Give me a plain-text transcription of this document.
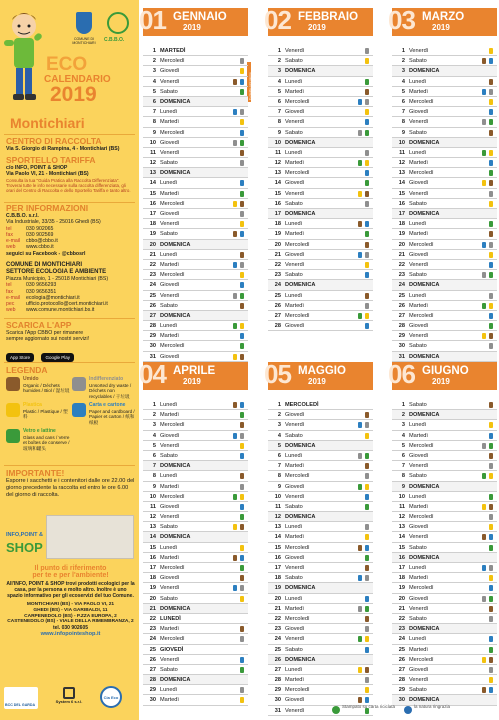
COMUNE DI MONTICHIARI	C.B.B.O.
ECO
CALENDARIO
2019
Montichiari
CENTRO DI RACCOLTA
Via S. Giorgio di Rampina, 4 - Montichiari (BS)
SPORTELLO TARIFFA
c/o INFO, POINT & SHOP
Via Paolo VI, 21 - Montichiari (BS)
Consulta la tua "Guida Pratica alla Raccolta Differenziata". Troverai tutte le info necessarie sulla raccolta differenziata, gli orari del Centro di Raccolta e dello Sportello Tariffa e tanto altro.
PER INFORMAZIONI
C.B.B.O. s.r.l.
Via Industriale, 33/35 - 25016 Ghedi (BS)
tel	030 902065
fax	030 902569
e-mail cbbo@cbbo.it
web www.cbbo.it
seguici su Facebook - @cbbosrl
COMUNE DI MONTICHIARI
SETTORE ECOLOGIA E AMBIENTE
Piazza Municipio, 1 - 25018 Montichiari (BS)
tel	030 9656293
fax	030 9656351
e-mail ecologia@montichiari.it
pec ufficio.protocollo@cert.montichiari.it
web www.comune.montichiari.bs.it
SCARICA L'APP
Scarica l'App CBBO per rimanere
sempre aggiornato sui nostri servizi!
App Store	Google Play
LEGENDA
Umido
Organic / Déchets humides / Biol / 湿垃圾
Indifferenziato
Unsorted dry waste / Déchets non recyclables / 干垃圾
Plastica
Plastic / Plastique / 塑料
Carta e cartone
Paper and cardboard / Papier et carton / 纸和纸板
Vetro e lattine
Glass and cans / Verre et boîtes de conserve / 玻璃和罐头
IMPORTANTE!
Esporre i sacchetti e i contenitori dalle ore 22.00 del giorno precedente la raccolta ed entro le ore 6.00 del giorno di raccolta.
INFO,POINT &
SHOP
Il punto di riferimento
per te e per l'ambiente!
All'INFO, POINT & SHOP trovi prodotti ecologici per la casa, per la persona e molto altro. Inoltre è uno spazio informativo per gli ecoservizi del tuo Comune.
MONTICHIARI (BS) - VIA PAOLO VI, 21
GHEDI (BS) - VIA GARIBALDI, 11
CARPENEDOLO (BS) - P.ZZA EUROPA, 2
CASTENEDOLO (BS) - VIALE DELLA RIMEMBRANZA, 2
tel. 030 902605
www.infopointeshop.it
BCC DEL GARDA
System 6 s.r.l.
Cia Eco
Consulta ogni giorno
01 GENNAIO
2019
1 MARTEDÌ
2 Mercoledì
3 Giovedì
4 Venerdì
5 Sabato
6 DOMENICA
7 Lunedì
8 Martedì
9 Mercoledì
10 Giovedì
11 Venerdì
12 Sabato
13 DOMENICA
14 Lunedì
15 Martedì
16 Mercoledì
17 Giovedì
18 Venerdì
19 Sabato
20 DOMENICA
21 Lunedì
22 Martedì
23 Mercoledì
24 Giovedì
25 Venerdì
26 Sabato
27 DOMENICA
28 Lunedì
29 Martedì
30 Mercoledì
31 Giovedì
02 FEBBRAIO
2019
1 Venerdì
2 Sabato
3 DOMENICA
4 Lunedì
5 Martedì
6 Mercoledì
7 Giovedì
8 Venerdì
9 Sabato
10 DOMENICA
11 Lunedì
12 Martedì
13 Mercoledì
14 Giovedì
15 Venerdì
16 Sabato
17 DOMENICA
18 Lunedì
19 Martedì
20 Mercoledì
21 Giovedì
22 Venerdì
23 Sabato
24 DOMENICA
25 Lunedì
26 Martedì
27 Mercoledì
28 Giovedì
03 MARZO
2019
1 Venerdì
2 Sabato
3 DOMENICA
4 Lunedì
5 Martedì
6 Mercoledì
7 Giovedì
8 Venerdì
9 Sabato
10 DOMENICA
11 Lunedì
12 Martedì
13 Mercoledì
14 Giovedì
15 Venerdì
16 Sabato
17 DOMENICA
18 Lunedì
19 Martedì
20 Mercoledì
21 Giovedì
22 Venerdì
23 Sabato
24 DOMENICA
25 Lunedì
26 Martedì
27 Mercoledì
28 Giovedì
29 Venerdì
30 Sabato
31 DOMENICA
04 APRILE
2019
1 Lunedì
2 Martedì
3 Mercoledì
4 Giovedì
5 Venerdì
6 Sabato
7 DOMENICA
8 Lunedì
9 Martedì
10 Mercoledì
11 Giovedì
12 Venerdì
13 Sabato
14 DOMENICA
15 Lunedì
16 Martedì
17 Mercoledì
18 Giovedì
19 Venerdì
20 Sabato
21 DOMENICA
22 LUNEDÌ
23 Martedì
24 Mercoledì
25 GIOVEDÌ
26 Venerdì
27 Sabato
28 DOMENICA
29 Lunedì
30 Martedì
05 MAGGIO
2019
1 MERCOLEDÌ
2 Giovedì
3 Venerdì
4 Sabato
5 DOMENICA
6 Lunedì
7 Martedì
8 Mercoledì
9 Giovedì
10 Venerdì
11 Sabato
12 DOMENICA
13 Lunedì
14 Martedì
15 Mercoledì
16 Giovedì
17 Venerdì
18 Sabato
19 DOMENICA
20 Lunedì
21 Martedì
22 Mercoledì
23 Giovedì
24 Venerdì
25 Sabato
26 DOMENICA
27 Lunedì
28 Martedì
29 Mercoledì
30 Giovedì
31 Venerdì
06 GIUGNO
2019
1 Sabato
2 DOMENICA
3 Lunedì
4 Martedì
5 Mercoledì
6 Giovedì
7 Venerdì
8 Sabato
9 DOMENICA
10 Lunedì
11 Martedì
12 Mercoledì
13 Giovedì
14 Venerdì
15 Sabato
16 DOMENICA
17 Lunedì
18 Martedì
19 Mercoledì
20 Giovedì
21 Venerdì
22 Sabato
23 DOMENICA
24 Lunedì
25 Martedì
26 Mercoledì
27 Giovedì
28 Venerdì
29 Sabato
30 DOMENICA
Stampato su carta riciclata	la natura ringrazia
